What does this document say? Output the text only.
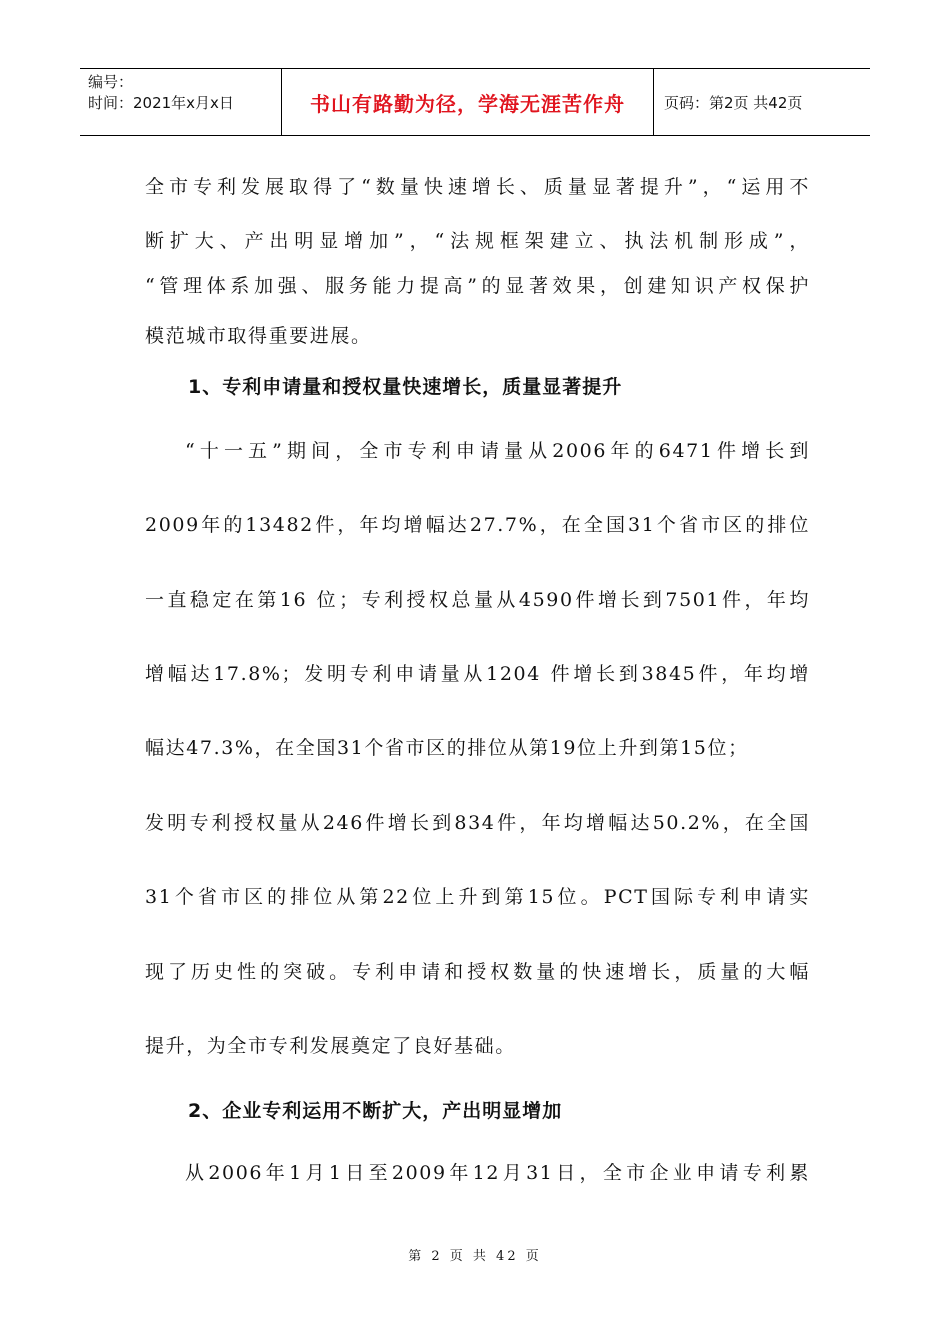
编号：
时间：2021年x月x日	书山有路勤为径，学海无涯苦作舟	页码：第2页 共42页
全市专利发展取得了“数量快速增长、质量显著提升”，“运用不
断扩大、产出明显增加”，“法规框架建立、执法机制形成”，
“管理体系加强、服务能力提高”的显著效果，创建知识产权保护
模范城市取得重要进展。
1、专利申请量和授权量快速增长，质量显著提升
“十一五”期间，全市专利申请量从2006年的6471件增长到
2009年的13482件，年均增幅达27.7%，在全国31个省市区的排位
一直稳定在第16 位；专利授权总量从4590件增长到7501件，年均
增幅达17.8%；发明专利申请量从1204 件增长到3845件，年均增
幅达47.3%，在全国31个省市区的排位从第19位上升到第15位；
发明专利授权量从246件增长到834件，年均增幅达50.2%，在全国
31个省市区的排位从第22位上升到第15位。PCT国际专利申请实
现了历史性的突破。专利申请和授权数量的快速增长，质量的大幅
提升，为全市专利发展奠定了良好基础。
2、企业专利运用不断扩大，产出明显增加
从2006年1月1日至2009年12月31日，全市企业申请专利累
第 2 页 共 42 页
